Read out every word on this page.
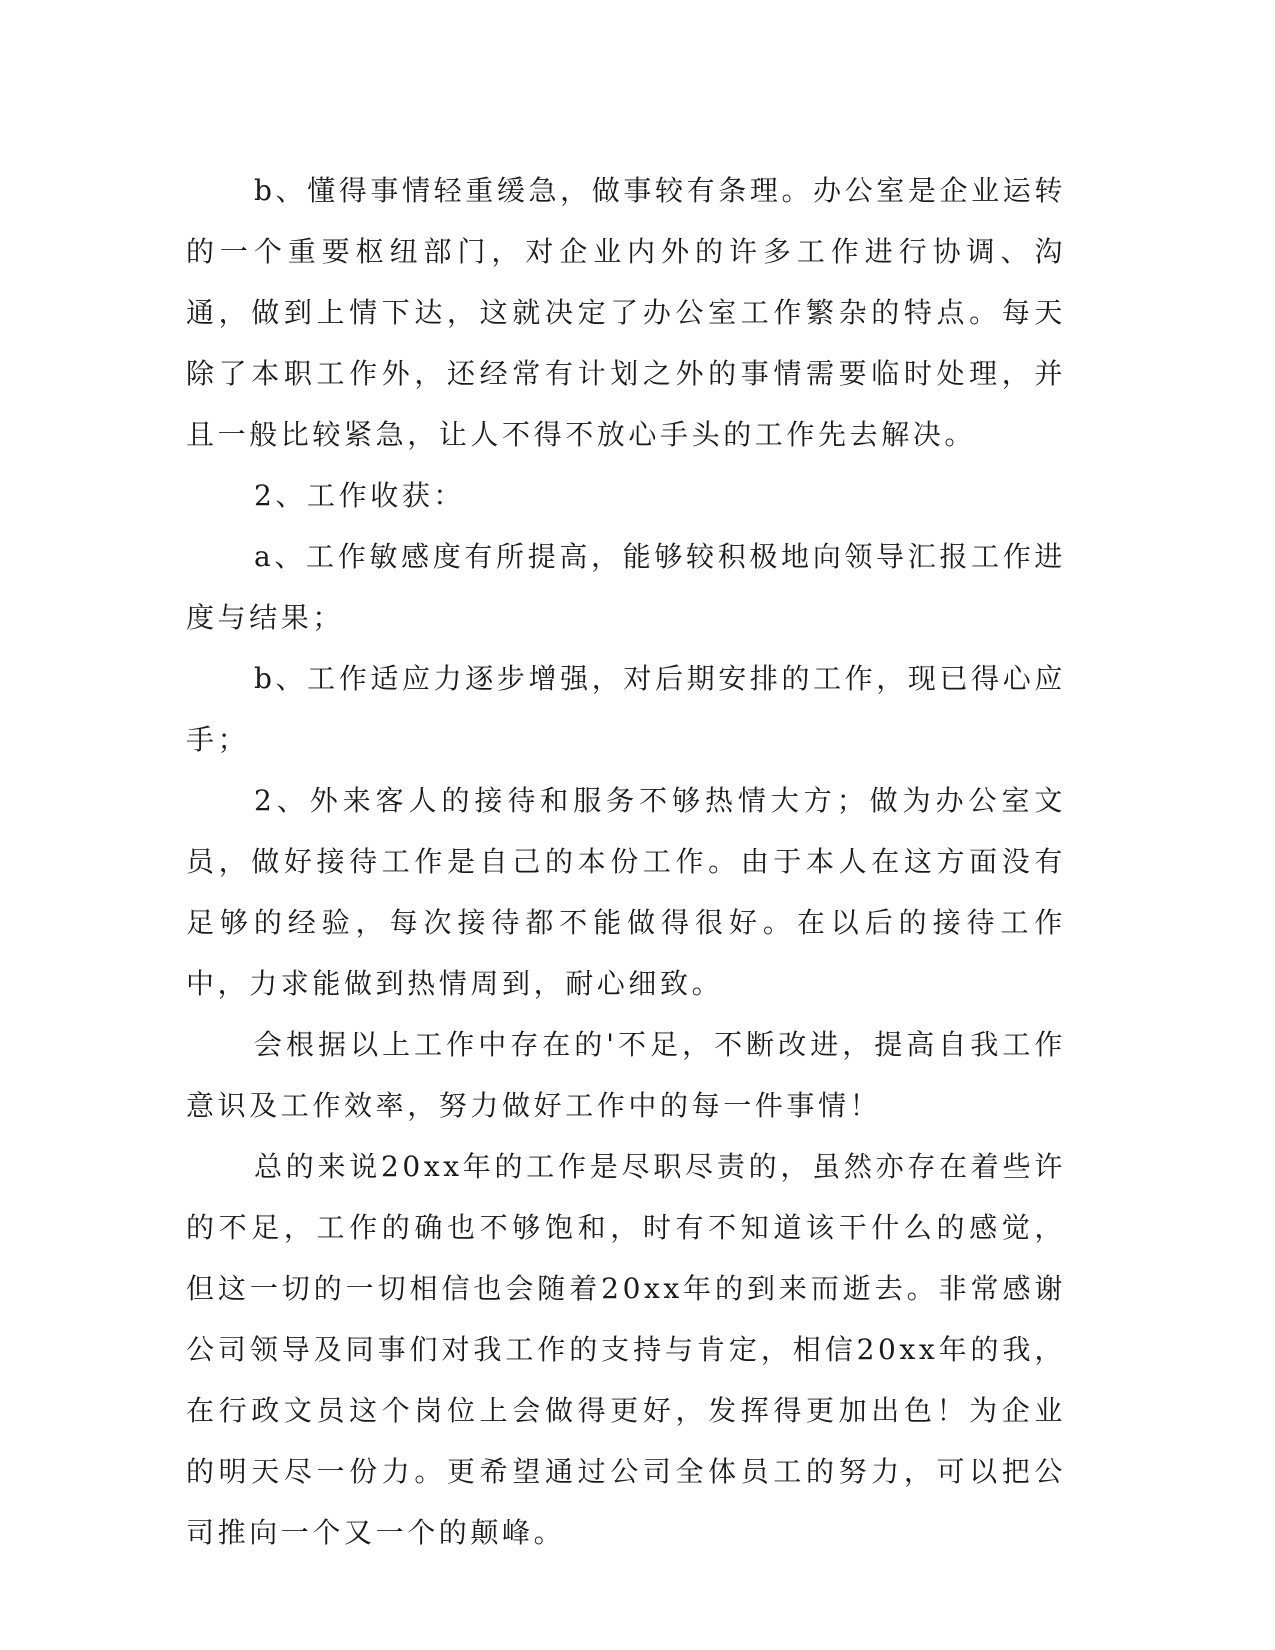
b、懂得事情轻重缓急，做事较有条理。办公室是企业运转的一个重要枢纽部门，对企业内外的许多工作进行协调、沟通，做到上情下达，这就决定了办公室工作繁杂的特点。每天除了本职工作外，还经常有计划之外的事情需要临时处理，并且一般比较紧急，让人不得不放心手头的工作先去解决。

2、工作收获：

a、工作敏感度有所提高，能够较积极地向领导汇报工作进度与结果；

b、工作适应力逐步增强，对后期安排的工作，现已得心应手；

2、外来客人的接待和服务不够热情大方；做为办公室文员，做好接待工作是自己的本份工作。由于本人在这方面没有足够的经验，每次接待都不能做得很好。在以后的接待工作中，力求能做到热情周到，耐心细致。

会根据以上工作中存在的'不足，不断改进，提高自我工作意识及工作效率，努力做好工作中的每一件事情！

总的来说20xx年的工作是尽职尽责的，虽然亦存在着些许的不足，工作的确也不够饱和，时有不知道该干什么的感觉，但这一切的一切相信也会随着20xx年的到来而逝去。非常感谢公司领导及同事们对我工作的支持与肯定，相信20xx年的我，在行政文员这个岗位上会做得更好，发挥得更加出色！为企业的明天尽一份力。更希望通过公司全体员工的努力，可以把公司推向一个又一个的颠峰。
